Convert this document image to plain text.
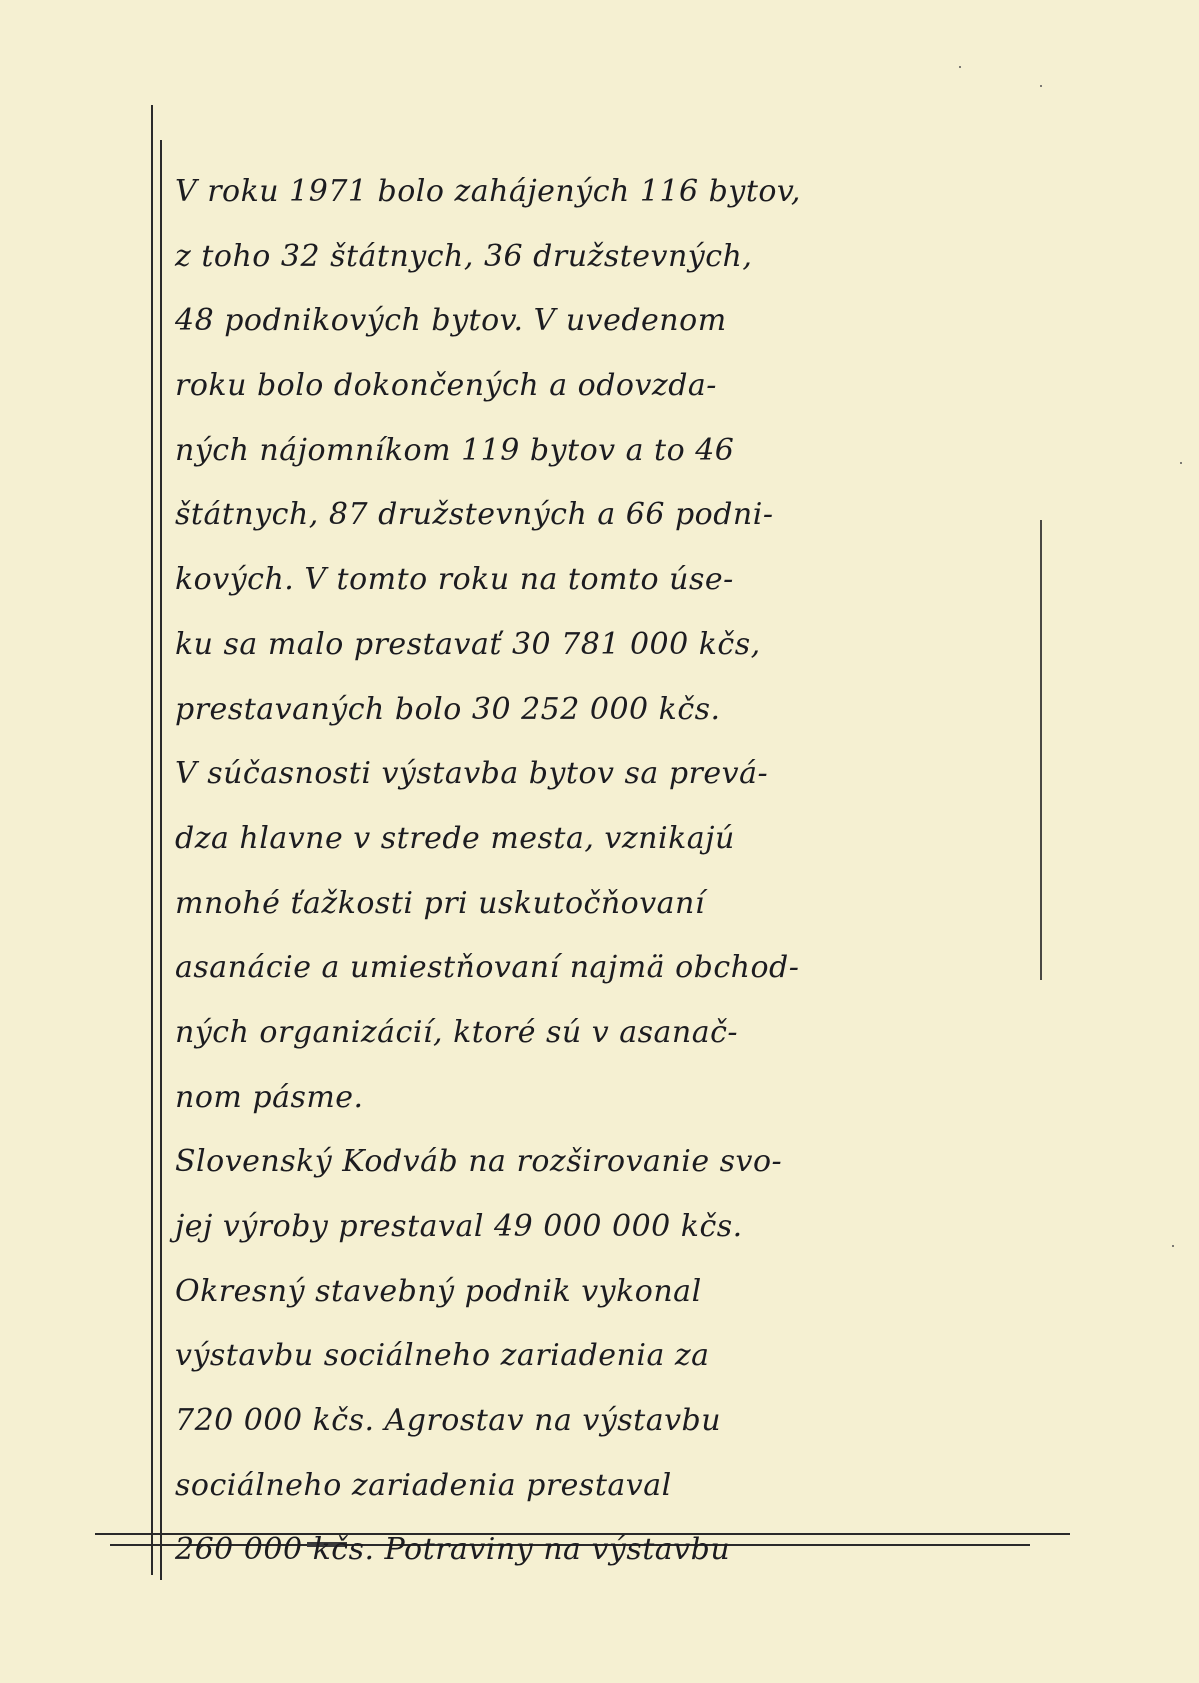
V roku 1971 bolo zahájených 116 bytov,
z toho 32 štátnych, 36 družstevných,
48 podnikových bytov. V uvedenom
roku bolo dokončených a odovzda-
ných nájomníkom 119 bytov a to 46
štátnych, 87 družstevných a 66 podni-
kových. V tomto roku na tomto úse-
ku sa malo prestavať 30 781 000 kčs,
prestavaných bolo 30 252 000 kčs.
V súčasnosti výstavba bytov sa prevá-
dza hlavne v strede mesta, vznikajú
mnohé ťažkosti pri uskutočňovaní
asanácie a umiestňovaní najmä obchod-
ných organizácií, ktoré sú v asanač-
nom pásme.
Slovenský Kodváb na rozširovanie svo-
jej výroby prestaval 49 000 000 kčs.
Okresný stavebný podnik vykonal
výstavbu sociálneho zariadenia za
720 000 kčs. Agrostav na výstavbu
sociálneho zariadenia prestaval
260 000 kčs. Potraviny na výstavbu
